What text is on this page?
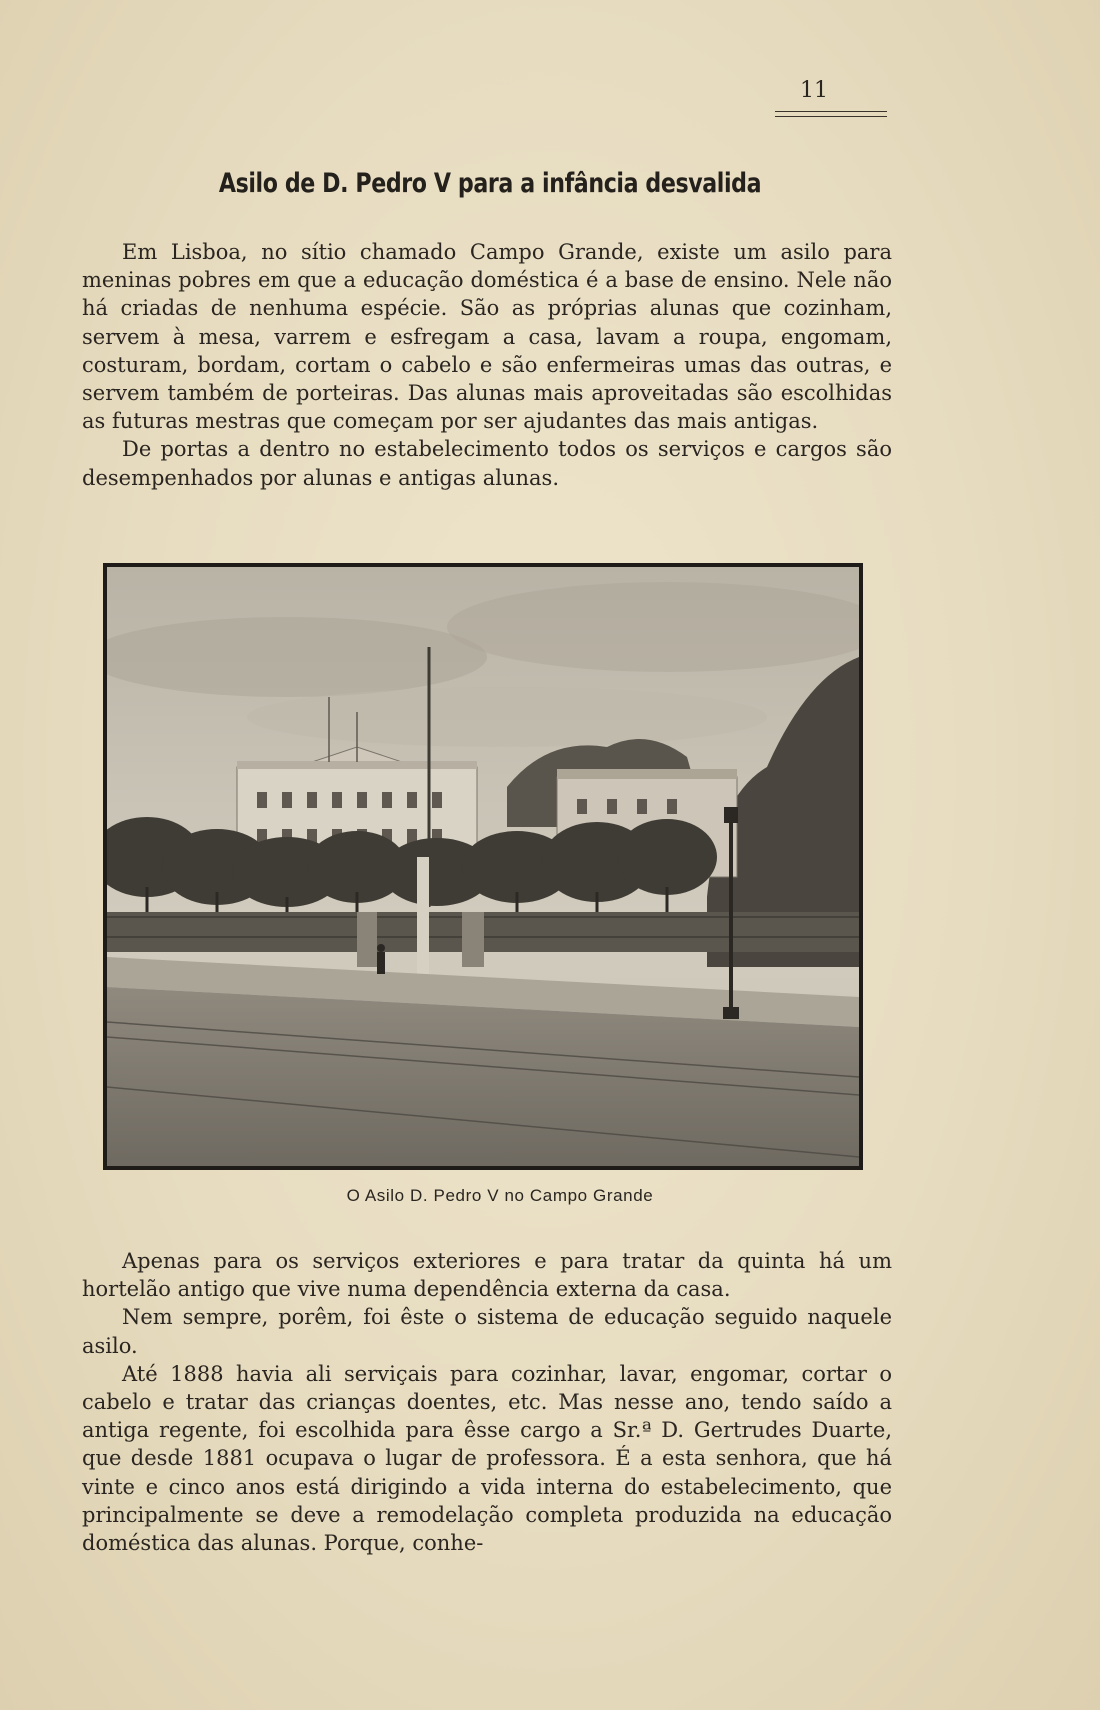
11
Asilo de D. Pedro V para a infância desvalida

Em Lisboa, no sítio chamado Campo Grande, existe um asilo para meninas pobres em que a educação doméstica é a base de ensino. Nele não há criadas de nenhuma espécie. São as próprias alunas que cozinham, servem à mesa, varrem e esfregam a casa, lavam a roupa, engomam, costuram, bordam, cortam o cabelo e são enfermeiras umas das outras, e servem também de porteiras. Das alunas mais aproveitadas são escolhidas as futuras mestras que começam por ser ajudantes das mais antigas.

De portas a dentro no estabelecimento todos os serviços e cargos são desempenhados por alunas e antigas alunas.

O Asilo D. Pedro V no Campo Grande

Apenas para os serviços exteriores e para tratar da quinta há um hortelão antigo que vive numa dependência externa da casa.

Nem sempre, porêm, foi êste o sistema de educação seguido naquele asilo.

Até 1888 havia ali serviçais para cozinhar, lavar, engomar, cortar o cabelo e tratar das crianças doentes, etc. Mas nesse ano, tendo saído a antiga regente, foi escolhida para êsse cargo a Sr.ª D. Gertrudes Duarte, que desde 1881 ocupava o lugar de professora. É a esta senhora, que há vinte e cinco anos está dirigindo a vida interna do estabelecimento, que principalmente se deve a remodelação completa produzida na educação doméstica das alunas. Porque, conhe-
